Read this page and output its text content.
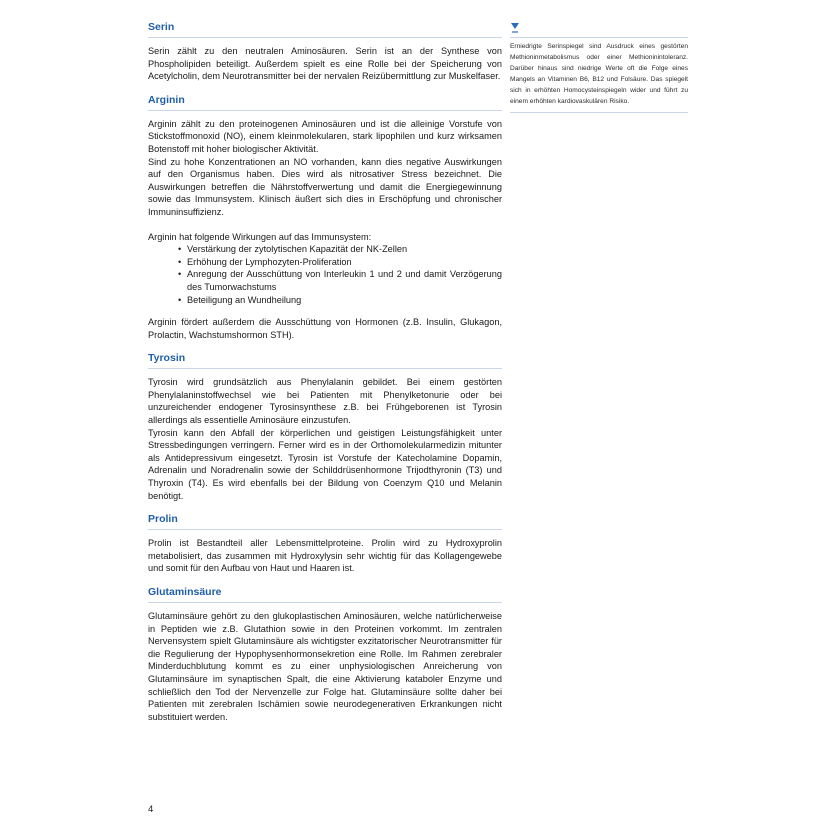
Serin

Serin zählt zu den neutralen Aminosäuren. Serin ist an der Synthese von Phospholipiden beteiligt. Außerdem spielt es eine Rolle bei der Speicherung von Acetylcholin, dem Neurotransmitter bei der nervalen Reizübermittlung zur Muskelfaser.

Arginin

Arginin zählt zu den proteinogenen Aminosäuren und ist die alleinige Vorstufe von Stickstoffmonoxid (NO), einem kleinmolekularen, stark lipophilen und kurz wirksamen Botenstoff mit hoher biologischer Aktivität.
Sind zu hohe Konzentrationen an NO vorhanden, kann dies negative Auswirkungen auf den Organismus haben. Dies wird als nitrosativer Stress bezeichnet. Die Auswirkungen betreffen die Nährstoffverwertung und damit die Energiegewinnung sowie das Immunsystem. Klinisch äußert sich dies in Erschöpfung und chronischer Immuninsuffizienz.

Arginin hat folgende Wirkungen auf das Immunsystem:

• Verstärkung der zytolytischen Kapazität der NK-Zellen
• Erhöhung der Lymphozyten-Proliferation
• Anregung der Ausschüttung von Interleukin 1 und 2 und damit Verzögerung des Tumorwachstums
• Beteiligung an Wundheilung

Arginin fördert außerdem die Ausschüttung von Hormonen (z.B. Insulin, Glukagon, Prolactin, Wachstumshormon STH).

Tyrosin

Tyrosin wird grundsätzlich aus Phenylalanin gebildet. Bei einem gestörten Phenylalaninstoffwechsel wie bei Patienten mit Phenylketonurie oder bei unzureichender endogener Tyrosinsynthese z.B. bei Frühgeborenen ist Tyrosin allerdings als essentielle Aminosäure einzustufen.
Tyrosin kann den Abfall der körperlichen und geistigen Leistungsfähigkeit unter Stressbedingungen verringern. Ferner wird es in der Orthomolekularmedizin mitunter als Antidepressivum eingesetzt. Tyrosin ist Vorstufe der Katecholamine Dopamin, Adrenalin und Noradrenalin sowie der Schilddrüsenhormone Trijodthyronin (T3) und Thyroxin (T4). Es wird ebenfalls bei der Bildung von Coenzym Q10 und Melanin benötigt.

Prolin

Prolin ist Bestandteil aller Lebensmittelproteine. Prolin wird zu Hydroxyprolin metabolisiert, das zusammen mit Hydroxylysin sehr wichtig für das Kollagengewebe und somit für den Aufbau von Haut und Haaren ist.

Glutaminsäure

Glutaminsäure gehört zu den glukoplastischen Aminosäuren, welche natürlicherweise in Peptiden wie z.B. Glutathion sowie in den Proteinen vorkommt. Im zentralen Nervensystem spielt Glutaminsäure als wichtigster exzitatorischer Neurotransmitter für die Regulierung der Hypophysenhormonsekretion eine Rolle. Im Rahmen zerebraler Minderduchblutung kommt es zu einer unphysiologischen Anreicherung von Glutaminsäure im synaptischen Spalt, die eine Aktivierung kataboler Enzyme und schließlich den Tod der Nervenzelle zur Folge hat. Glutaminsäure sollte daher bei Patienten mit zerebralen Ischämien sowie neurodegenerativen Erkrankungen nicht substituiert werden.

Erniedrigte Serinspiegel sind Ausdruck eines gestörten Methioninmetabolismus oder einer Methioninintoleranz. Darüber hinaus sind niedrige Werte oft die Folge eines Mangels an Vitaminen B6, B12 und Folsäure. Das spiegelt sich in erhöhten Homocysteinspiegeln wider und führt zu einem erhöhten kardiovaskulären Risiko.
4
